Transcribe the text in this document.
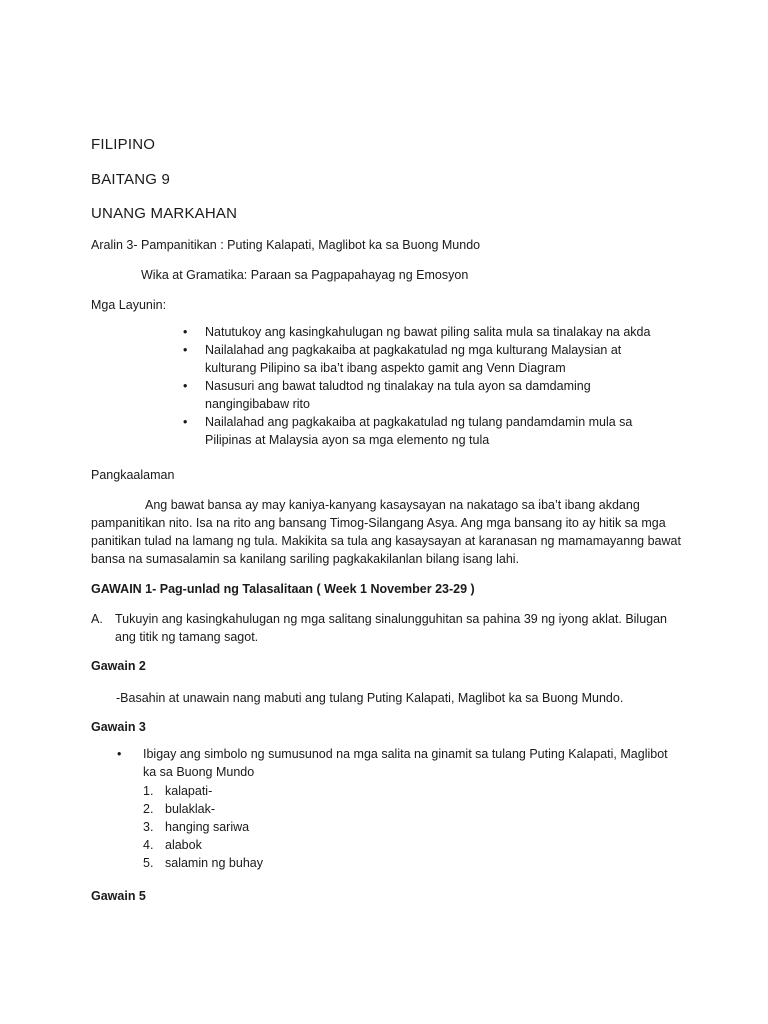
FILIPINO
BAITANG 9
UNANG MARKAHAN
Aralin 3- Pampanitikan : Puting Kalapati, Maglibot ka sa Buong Mundo
Wika at Gramatika: Paraan sa Pagpapahayag ng Emosyon
Mga Layunin:
•	Natutukoy ang kasingkahulugan ng bawat piling salita mula sa tinalakay na akda
•	Nailalahad ang pagkakaiba at pagkakatulad ng mga kulturang Malaysian at kulturang Pilipino sa iba’t ibang aspekto gamit ang Venn Diagram
•	Nasusuri ang bawat taludtod ng tinalakay na tula ayon sa damdaming nangingibabaw rito
•	Nailalahad ang pagkakaiba at pagkakatulad ng tulang pandamdamin mula sa Pilipinas at Malaysia ayon sa mga elemento ng tula
Pangkaalaman
Ang bawat bansa ay may kaniya-kanyang kasaysayan na nakatago sa iba’t ibang akdang pampanitikan nito. Isa na rito ang bansang Timog-Silangang Asya. Ang mga bansang ito ay hitik sa mga panitikan tulad na lamang ng tula. Makikita sa tula ang kasaysayan at karanasan ng mamamayanng bawat bansa na sumasalamin sa kanilang sariling pagkakakilanlan bilang isang lahi.
GAWAIN 1- Pag-unlad ng Talasalitaan ( Week 1 November 23-29 )
A. Tukuyin ang kasingkahulugan ng mga salitang sinalungguhitan sa pahina 39 ng iyong aklat. Bilugan ang titik ng tamang sagot.
Gawain 2
-Basahin at unawain nang mabuti ang tulang Puting Kalapati, Maglibot ka sa Buong Mundo.
Gawain 3
• Ibigay ang simbolo ng sumusunod na mga salita na ginamit sa tulang Puting Kalapati, Maglibot ka sa Buong Mundo
1. kalapati-
2. bulaklak-
3. hanging sariwa
4. alabok
5. salamin ng buhay
Gawain 5
